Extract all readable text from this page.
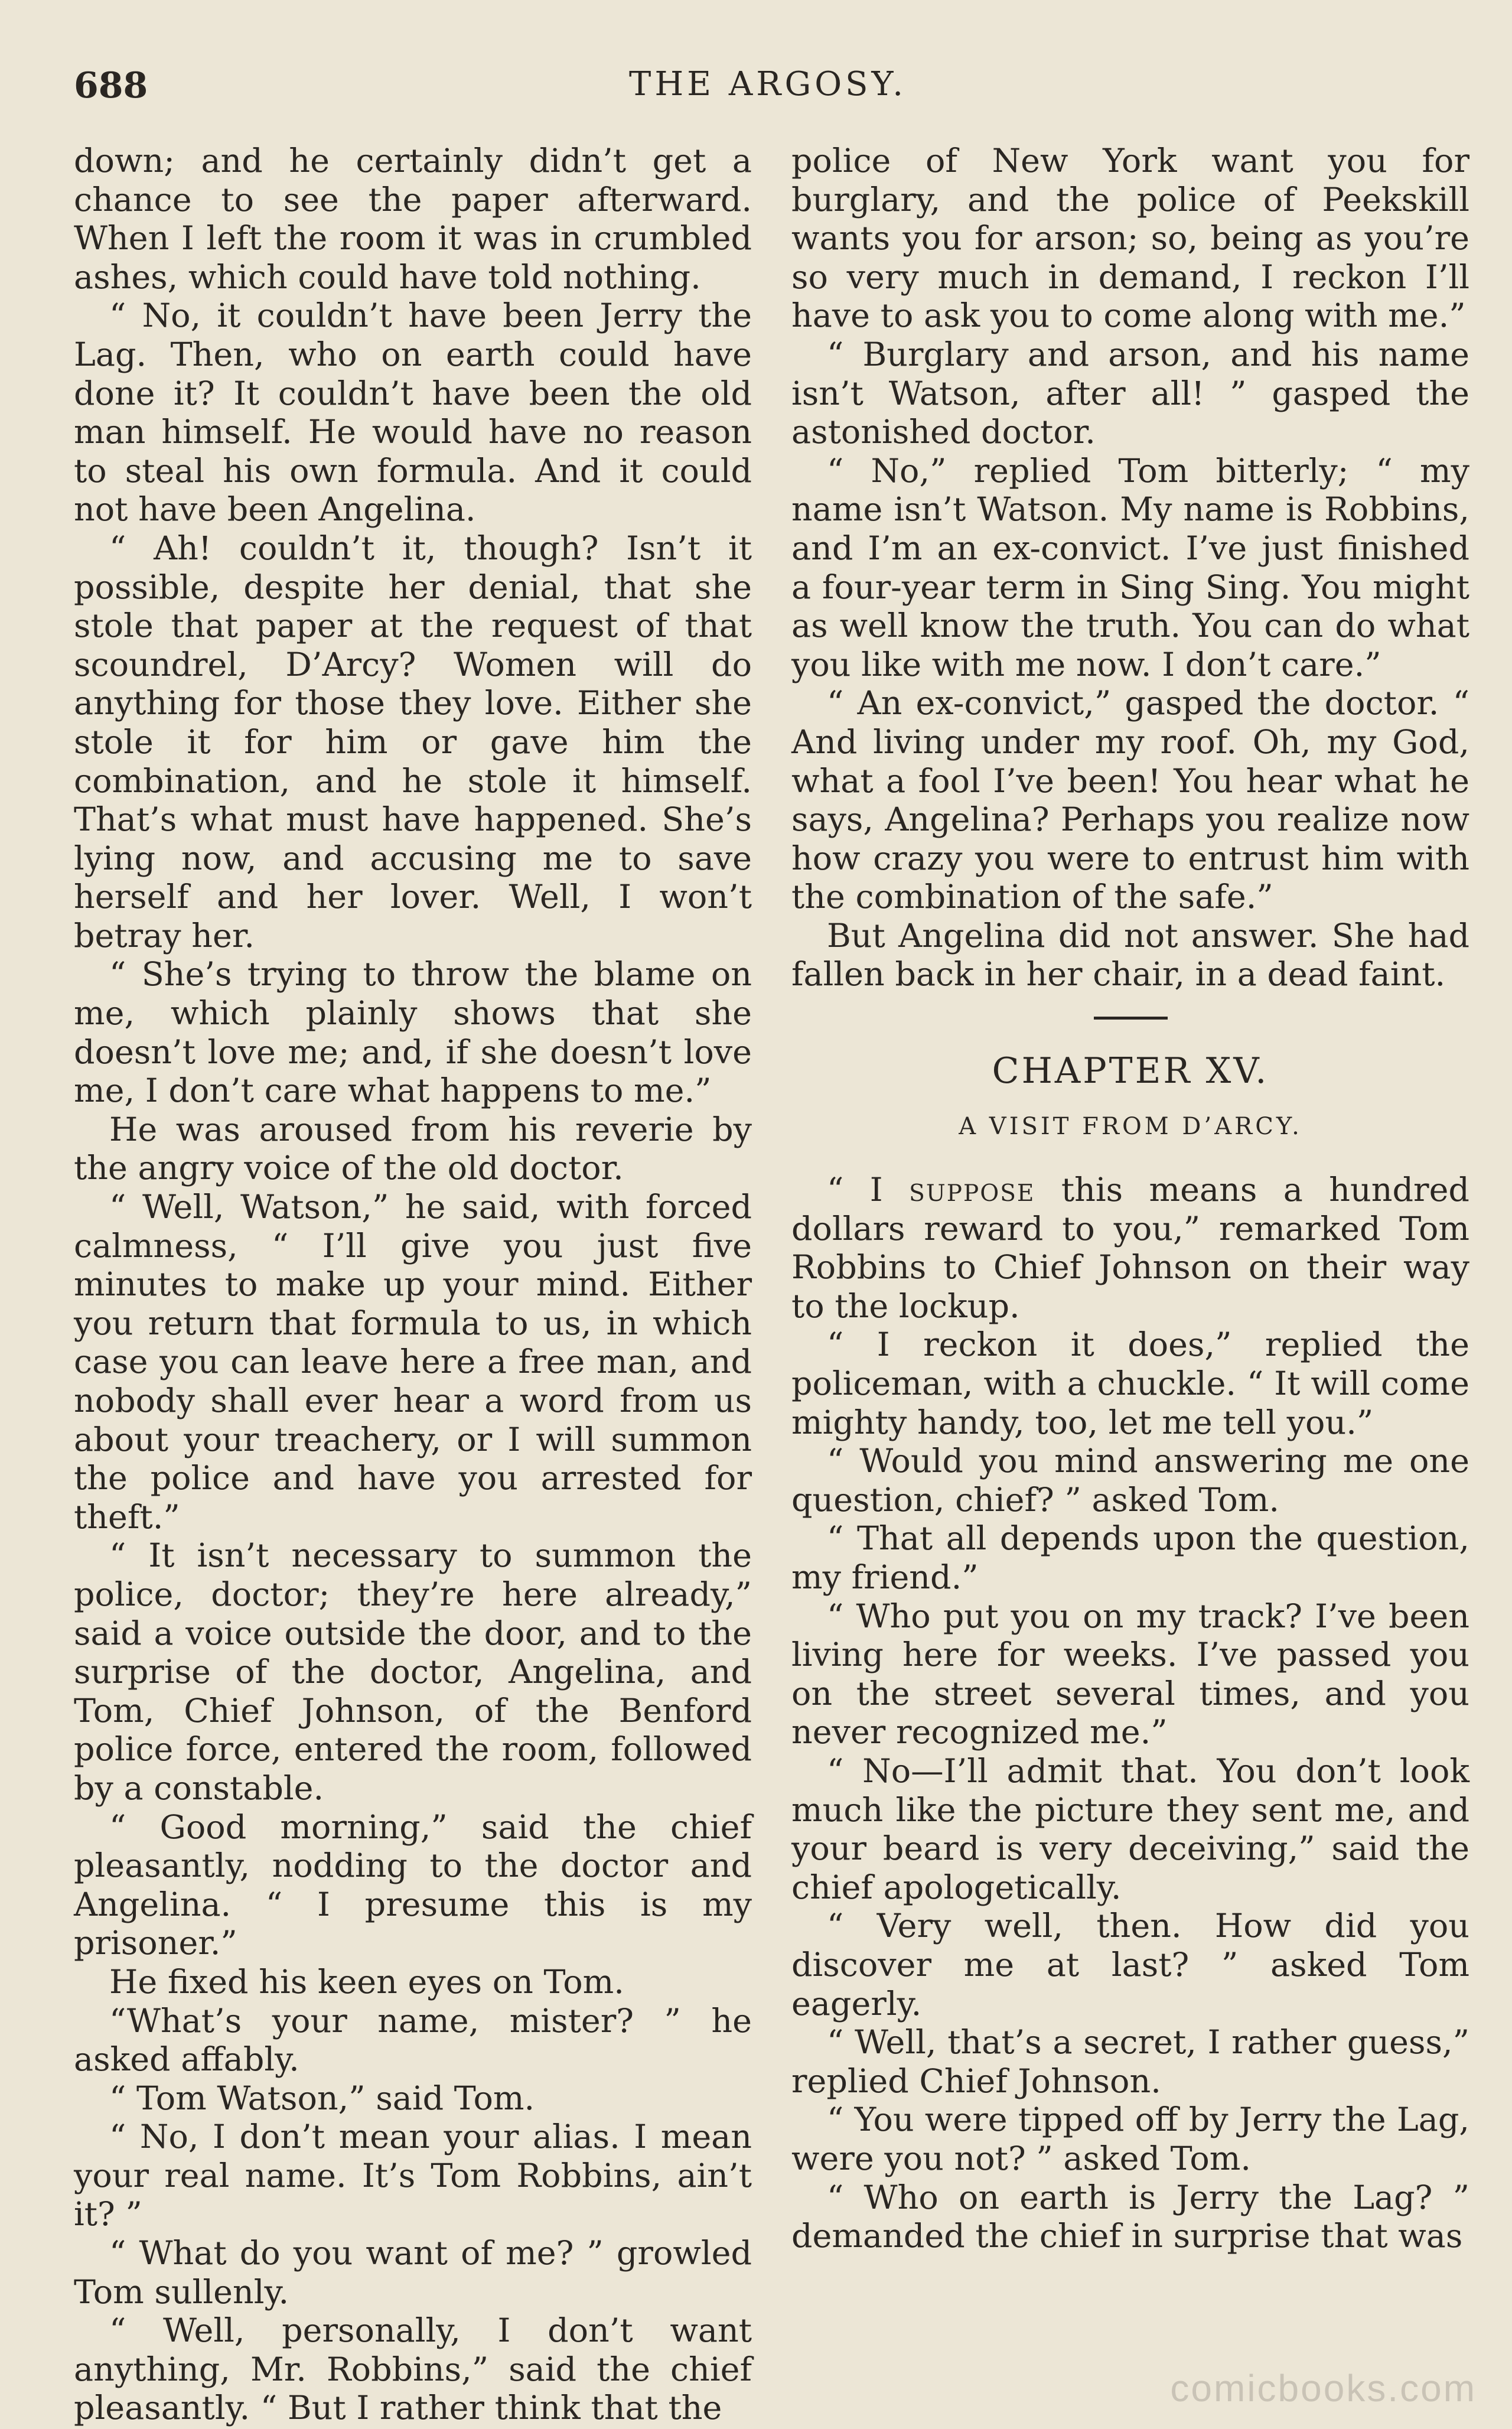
688	THE ARGOSY.

down; and he certainly didn’t get a chance to see the paper afterward. When I left the room it was in crumbled ashes, which could have told nothing.

“ No, it couldn’t have been Jerry the Lag. Then, who on earth could have done it? It couldn’t have been the old man himself. He would have no reason to steal his own formula. And it could not have been Angelina.

“ Ah! couldn’t it, though? Isn’t it possible, despite her denial, that she stole that paper at the request of that scoundrel, D’Arcy? Women will do anything for those they love. Either she stole it for him or gave him the combination, and he stole it himself. That’s what must have happened. She’s lying now, and accusing me to save herself and her lover. Well, I won’t betray her.

“ She’s trying to throw the blame on me, which plainly shows that she doesn’t love me; and, if she doesn’t love me, I don’t care what happens to me.”

He was aroused from his reverie by the angry voice of the old doctor.

“ Well, Watson,” he said, with forced calmness, “ I’ll give you just five minutes to make up your mind. Either you return that formula to us, in which case you can leave here a free man, and nobody shall ever hear a word from us about your treachery, or I will summon the police and have you arrested for theft.”

“ It isn’t necessary to summon the police, doctor; they’re here already,” said a voice outside the door, and to the surprise of the doctor, Angelina, and Tom, Chief Johnson, of the Benford police force, entered the room, followed by a constable.

“ Good morning,” said the chief pleasantly, nodding to the doctor and Angelina. “ I presume this is my prisoner.”

He fixed his keen eyes on Tom.

“What’s your name, mister? ” he asked affably.

“ Tom Watson,” said Tom.

“ No, I don’t mean your alias. I mean your real name. It’s Tom Robbins, ain’t it? ”

“ What do you want of me? ” growled Tom sullenly.

“ Well, personally, I don’t want anything, Mr. Robbins,” said the chief pleasantly. “ But I rather think that the

police of New York want you for burglary, and the police of Peekskill wants you for arson; so, being as you’re so very much in demand, I reckon I’ll have to ask you to come along with me.”

“ Burglary and arson, and his name isn’t Watson, after all! ” gasped the astonished doctor.

“ No,” replied Tom bitterly; “ my name isn’t Watson. My name is Robbins, and I’m an ex-convict. I’ve just finished a four-year term in Sing Sing. You might as well know the truth. You can do what you like with me now. I don’t care.”

“ An ex-convict,” gasped the doctor. “ And living under my roof. Oh, my God, what a fool I’ve been! You hear what he says, Angelina? Perhaps you realize now how crazy you were to entrust him with the combination of the safe.”

But Angelina did not answer. She had fallen back in her chair, in a dead faint.

CHAPTER XV.
A VISIT FROM D’ARCY.

“ I suppose this means a hundred dollars reward to you,” remarked Tom Robbins to Chief Johnson on their way to the lockup.

“ I reckon it does,” replied the policeman, with a chuckle. “ It will come mighty handy, too, let me tell you.”

“ Would you mind answering me one question, chief? ” asked Tom.

“ That all depends upon the question, my friend.”

“ Who put you on my track? I’ve been living here for weeks. I’ve passed you on the street several times, and you never recognized me.”

“ No—I’ll admit that. You don’t look much like the picture they sent me, and your beard is very deceiving,” said the chief apologetically.

“ Very well, then. How did you discover me at last? ” asked Tom eagerly.

“ Well, that’s a secret, I rather guess,” replied Chief Johnson.

“ You were tipped off by Jerry the Lag, were you not? ” asked Tom.

“ Who on earth is Jerry the Lag? ” demanded the chief in surprise that was

comicbooks.com
